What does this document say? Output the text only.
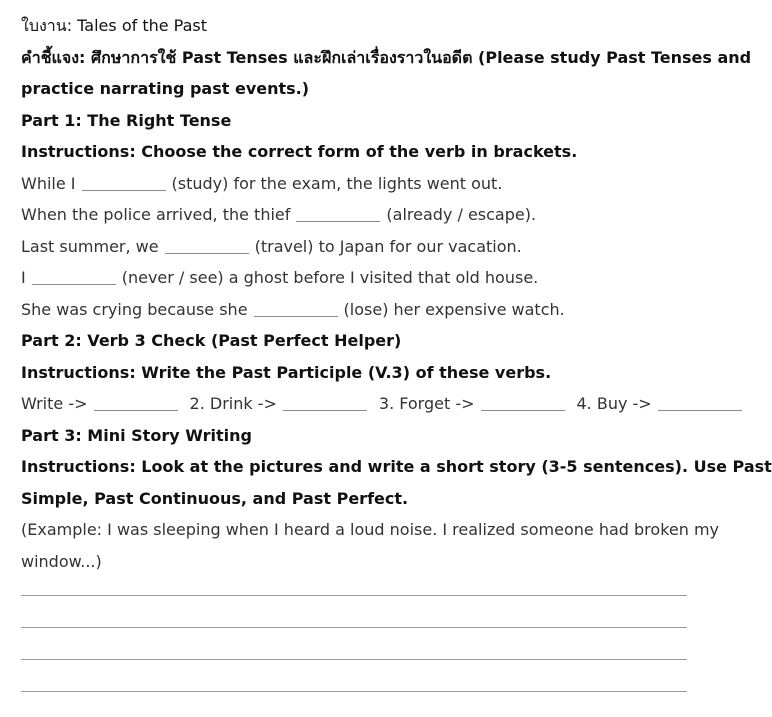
ใบงาน: Tales of the Past
คำชี้แจง: ศึกษาการใช้ Past Tenses และฝึกเล่าเรื่องราวในอดีต (Please study Past Tenses and
practice narrating past events.)
Part 1: The Right Tense
Instructions: Choose the correct form of the verb in brackets.
While I	(study) for the exam, the lights went out.
When the police arrived, the thief	(already / escape).
Last summer, we	(travel) to Japan for our vacation.
I	(never / see) a ghost before I visited that old house.
She was crying because she	(lose) her expensive watch.
Part 2: Verb 3 Check (Past Perfect Helper)
Instructions: Write the Past Participle (V.3) of these verbs.
Write ->	2. Drink ->	3. Forget ->	4. Buy ->
Part 3: Mini Story Writing
Instructions: Look at the pictures and write a short story (3-5 sentences). Use Past
Simple, Past Continuous, and Past Perfect.
(Example: I was sleeping when I heard a loud noise. I realized someone had broken my
window...)
